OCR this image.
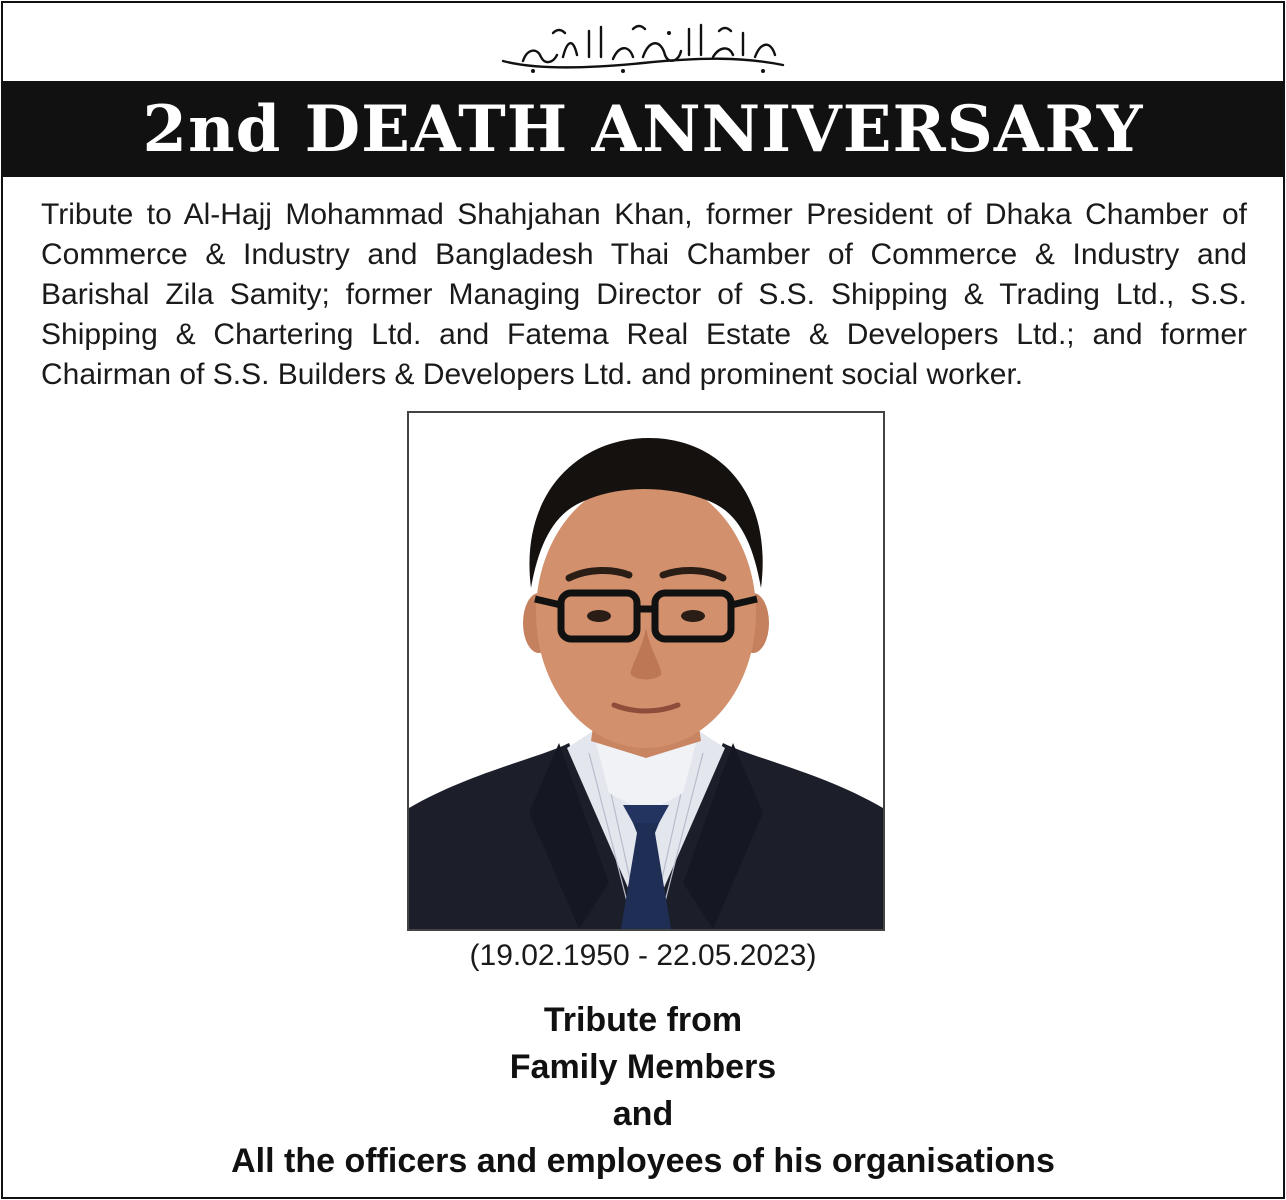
2nd DEATH ANNIVERSARY
Tribute to Al-Hajj Mohammad Shahjahan Khan, former President of Dhaka Chamber of Commerce & Industry and Bangladesh Thai Chamber of Commerce & Industry and Barishal Zila Samity; former Managing Director of S.S. Shipping & Trading Ltd., S.S. Shipping & Chartering Ltd. and Fatema Real Estate & Developers Ltd.; and former Chairman of S.S. Builders & Developers Ltd. and prominent social worker.
(19.02.1950 - 22.05.2023)
Tribute from
Family Members
and
All the officers and employees of his organisations
